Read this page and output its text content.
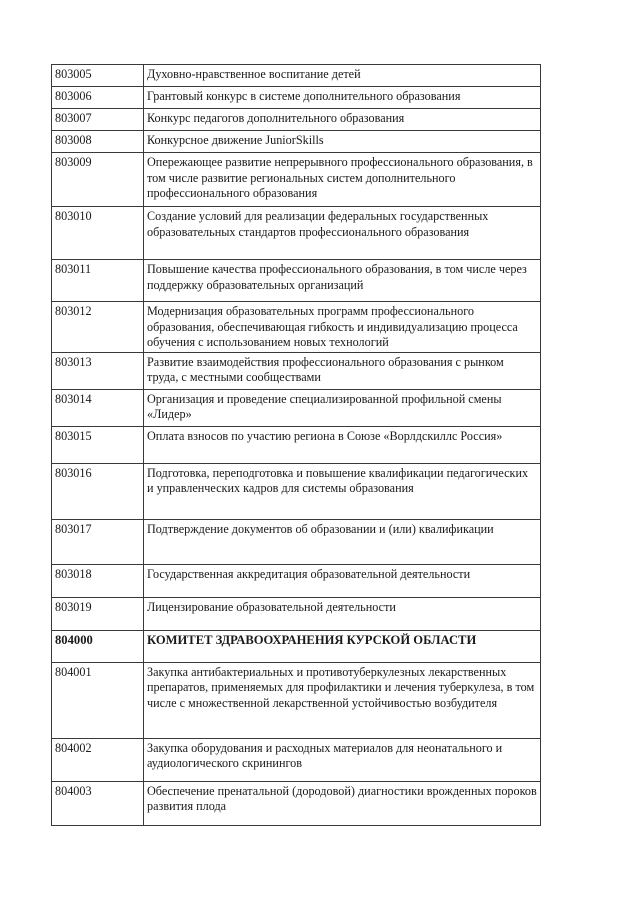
803005	Духовно-нравственное воспитание детей
803006	Грантовый конкурс в системе дополнительного образования
803007	Конкурс педагогов дополнительного образования
803008	Конкурсное движение JuniorSkills
803009	Опережающее развитие непрерывного профессионального образования, в том числе развитие региональных систем дополнительного профессионального образования
803010	Создание условий для реализации федеральных государственных образовательных стандартов профессионального образования
803011	Повышение качества профессионального образования, в том числе через поддержку образовательных организаций
803012	Модернизация образовательных программ профессионального образования, обеспечивающая гибкость и индивидуализацию процесса обучения с использованием новых технологий
803013	Развитие взаимодействия профессионального образования с рынком труда, с местными сообществами
803014	Организация и проведение специализированной профильной смены «Лидер»
803015	Оплата взносов по участию региона в Союзе «Ворлдскиллс Россия»
803016	Подготовка, переподготовка и повышение квалификации педагогических и управленческих кадров для системы образования
803017	Подтверждение документов об образовании и (или) квалификации
803018	Государственная аккредитация образовательной деятельности
803019	Лицензирование образовательной деятельности
804000	КОМИТЕТ ЗДРАВООХРАНЕНИЯ КУРСКОЙ ОБЛАСТИ
804001	Закупка антибактериальных и противотуберкулезных лекарственных препаратов, применяемых для профилактики и лечения туберкулеза, в том числе с множественной лекарственной устойчивостью возбудителя
804002	Закупка оборудования и расходных материалов для неонатального и аудиологического скринингов
804003	Обеспечение пренатальной (дородовой) диагностики врожденных пороков развития плода
